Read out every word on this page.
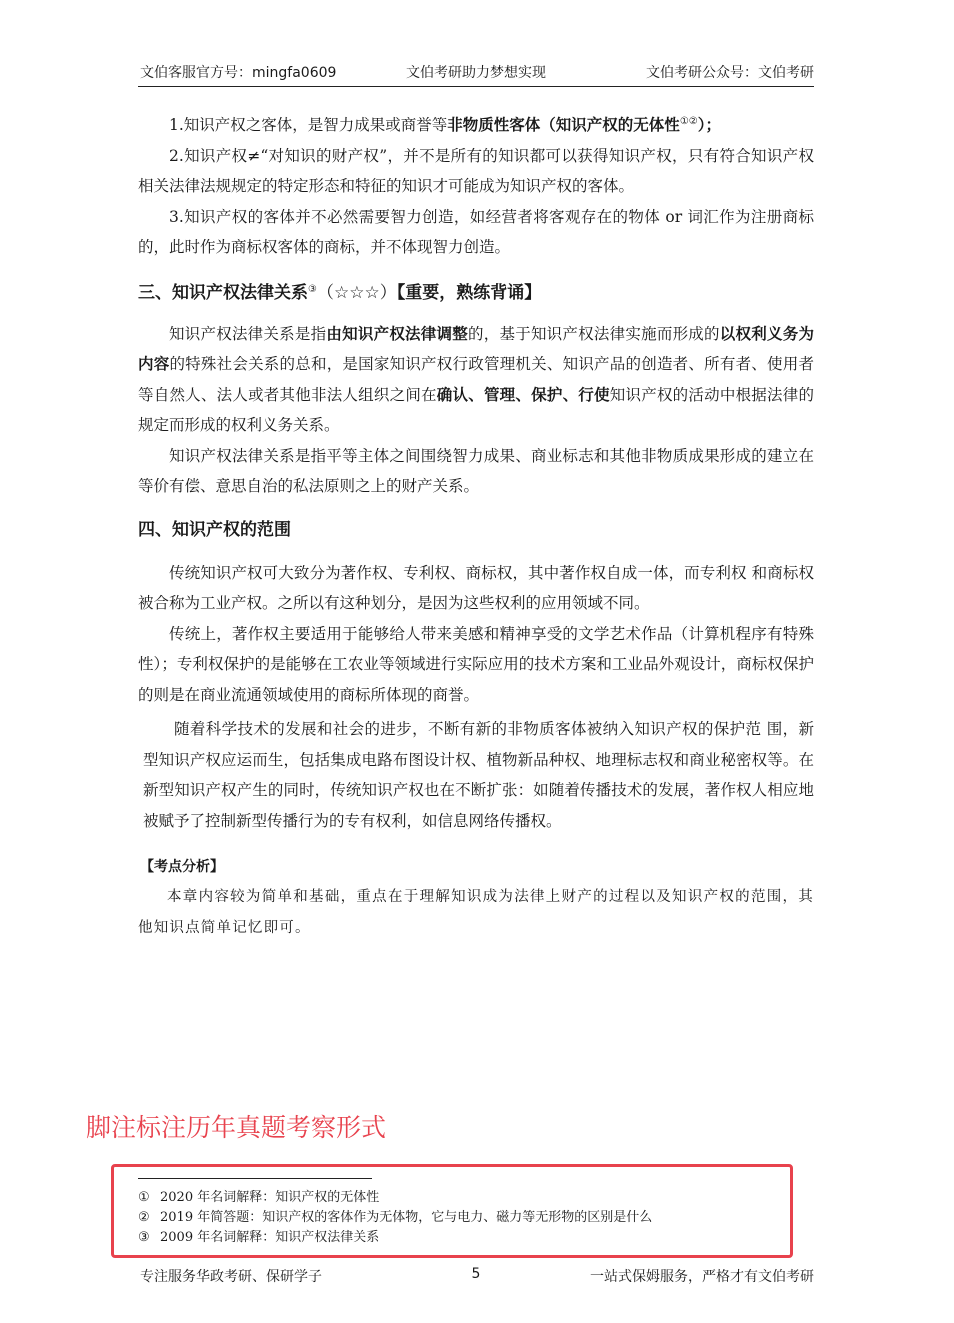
文伯考研助力梦想实现
文伯客服官方号：mingfa0609	文伯考研公众号：文伯考研

1.知识产权之客体，是智力成果或商誉等非物质性客体（知识产权的无体性①②）；

2.知识产权≠“对知识的财产权”，并不是所有的知识都可以获得知识产权，只有符合知识产权相关法律法规规定的特定形态和特征的知识才可能成为知识产权的客体。

3.知识产权的客体并不必然需要智力创造，如经营者将客观存在的物体 or 词汇作为注册商标的，此时作为商标权客体的商标，并不体现智力创造。

三、知识产权法律关系③（☆☆☆）【重要，熟练背诵】

知识产权法律关系是指由知识产权法律调整的，基于知识产权法律实施而形成的以权利义务为内容的特殊社会关系的总和，是国家知识产权行政管理机关、知识产品的创造者、所有者、使用者等自然人、法人或者其他非法人组织之间在确认、管理、保护、行使知识产权的活动中根据法律的规定而形成的权利义务关系。

知识产权法律关系是指平等主体之间围绕智力成果、商业标志和其他非物质成果形成的建立在等价有偿、意思自治的私法原则之上的财产关系。

四、知识产权的范围

传统知识产权可大致分为著作权、专利权、商标权，其中著作权自成一体，而专利权 和商标权被合称为工业产权。之所以有这种划分，是因为这些权利的应用领域不同。

传统上，著作权主要适用于能够给人带来美感和精神享受的文学艺术作品（计算机程序有特殊性）；专利权保护的是能够在工农业等领域进行实际应用的技术方案和工业品外观设计，商标权保护的则是在商业流通领域使用的商标所体现的商誉。

随着科学技术的发展和社会的进步，不断有新的非物质客体被纳入知识产权的保护范 围，新型知识产权应运而生，包括集成电路布图设计权、植物新品种权、地理标志权和商业秘密权等。在新型知识产权产生的同时，传统知识产权也在不断扩张：如随着传播技术的发展，著作权人相应地被赋予了控制新型传播行为的专有权利，如信息网络传播权。

【考点分析】

本章内容较为简单和基础，重点在于理解知识成为法律上财产的过程以及知识产权的范围，其他知识点简单记忆即可。

脚注标注历年真题考察形式
① 2020 年名词解释：知识产权的无体性
② 2019 年简答题：知识产权的客体作为无体物，它与电力、磁力等无形物的区别是什么
③ 2009 年名词解释：知识产权法律关系
5
专注服务华政考研、保研学子	一站式保姆服务，严格才有文伯考研
